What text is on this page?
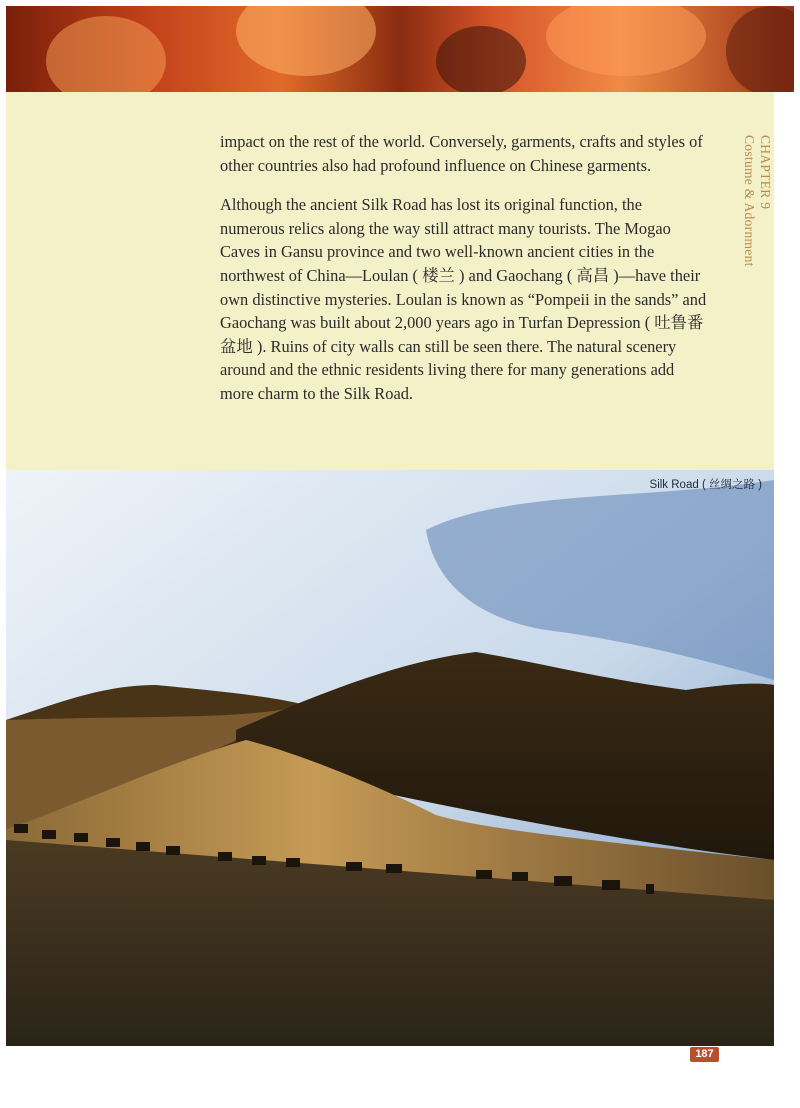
impact on the rest of the world. Conversely, garments, crafts and styles of other countries also had profound influence on Chinese garments.

Although the ancient Silk Road has lost its original function, the numerous relics along the way still attract many tourists. The Mogao Caves in Gansu province and two well-known ancient cities in the northwest of China—Loulan ( 楼兰 ) and Gaochang ( 高昌 )—have their own distinctive mysteries. Loulan is known as “Pompeii in the sands” and Gaochang was built about 2,000 years ago in Turfan Depression ( 吐鲁番盆地 ). Ruins of city walls can still be seen there. The natural scenery around and the ethnic residents living there for many generations add more charm to the Silk Road.

CHAPTER 9
Costume & Adornment
Silk Road ( 丝绸之路 )
187
